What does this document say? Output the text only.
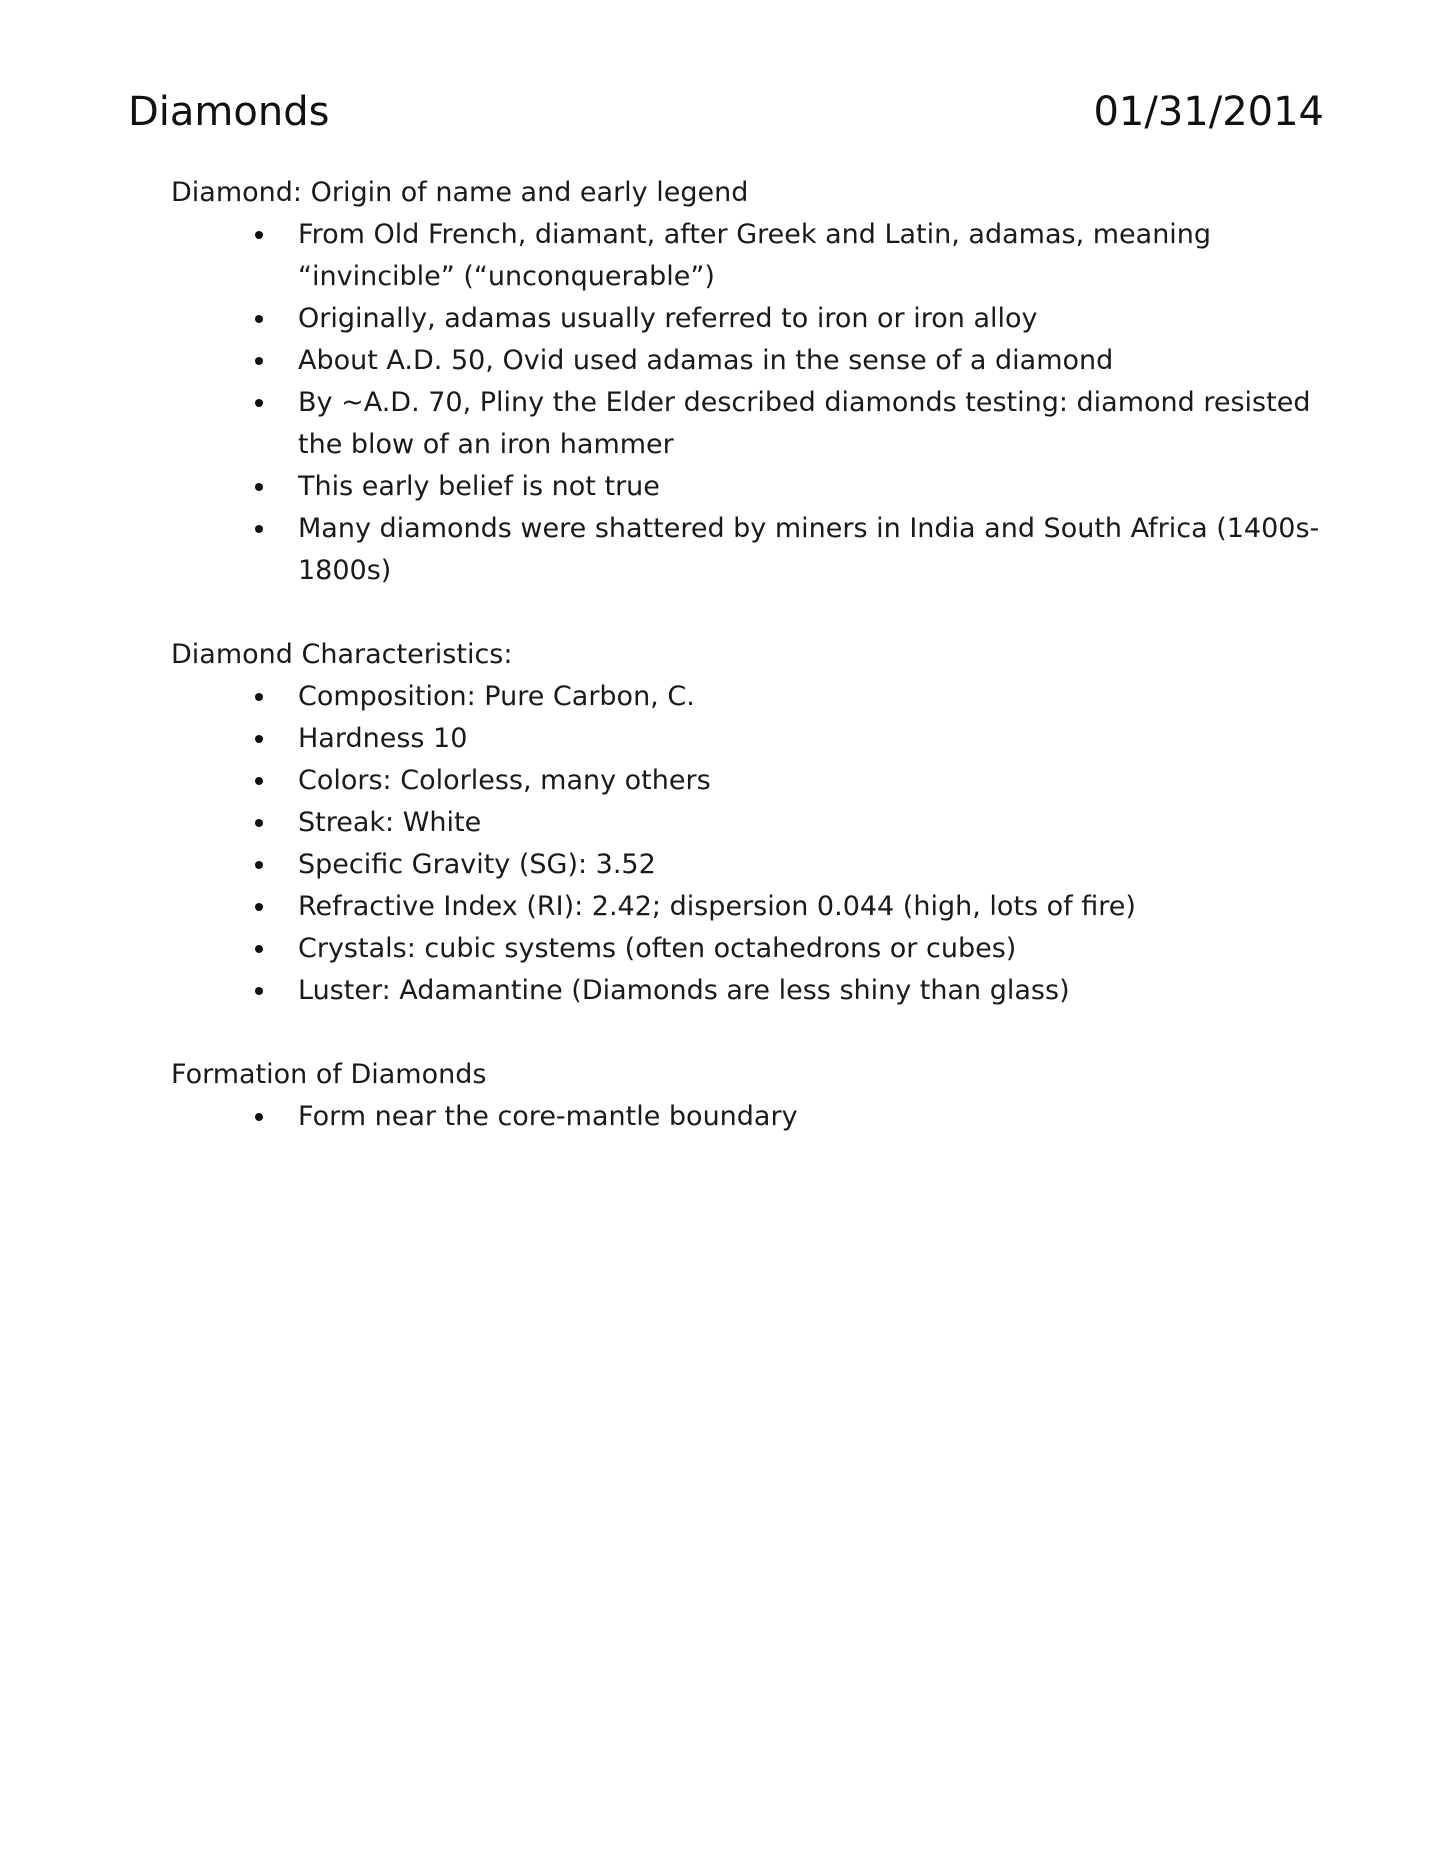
Diamonds	01/31/2014
Diamond: Origin of name and early legend
From Old French, diamant, after Greek and Latin, adamas, meaning “invincible” (“unconquerable”)
Originally, adamas usually referred to iron or iron alloy
About A.D. 50, Ovid used adamas in the sense of a diamond
By ~A.D. 70, Pliny the Elder described diamonds testing: diamond resisted the blow of an iron hammer
This early belief is not true
Many diamonds were shattered by miners in India and South Africa (1400s-1800s)
Diamond Characteristics:
Composition: Pure Carbon, C.
Hardness 10
Colors: Colorless, many others
Streak: White
Specific Gravity (SG): 3.52
Refractive Index (RI): 2.42; dispersion 0.044 (high, lots of fire)
Crystals: cubic systems (often octahedrons or cubes)
Luster: Adamantine (Diamonds are less shiny than glass)
Formation of Diamonds
Form near the core-mantle boundary
